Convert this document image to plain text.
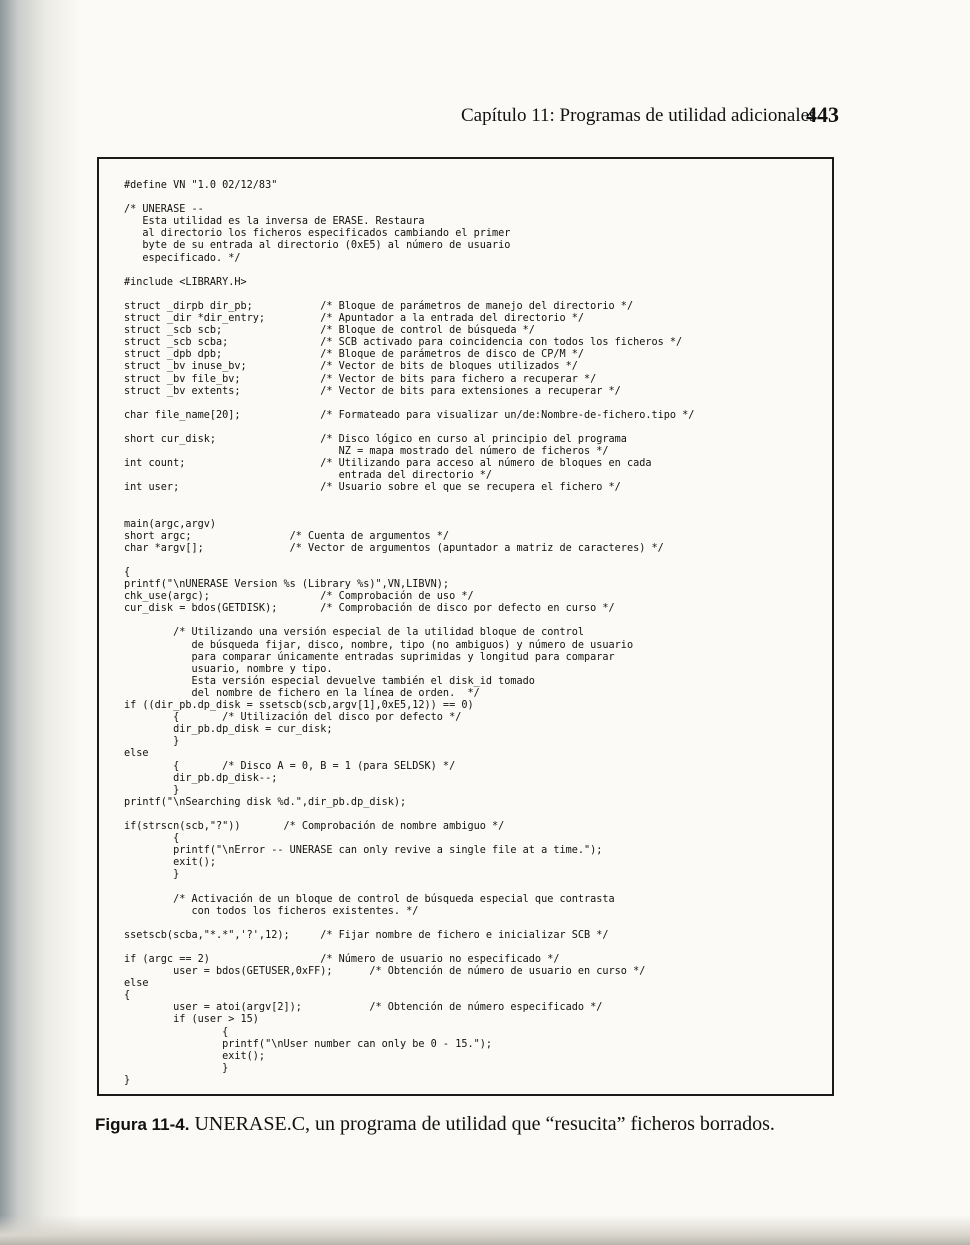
Capítulo 11: Programas de utilidad adicionales
443
#define VN "1.0 02/12/83"

/* UNERASE --
Esta utilidad es la inversa de ERASE. Restaura
al directorio los ficheros especificados cambiando el primer
byte de su entrada al directorio (0xE5) al número de usuario
especificado. */

#include <LIBRARY.H>

struct _dirpb dir_pb;           /* Bloque de parámetros de manejo del directorio */
struct _dir *dir_entry;         /* Apuntador a la entrada del directorio */
struct _scb scb;                /* Bloque de control de búsqueda */
struct _scb scba;               /* SCB activado para coincidencia con todos los ficheros */
struct _dpb dpb;                /* Bloque de parámetros de disco de CP/M */
struct _bv inuse_bv;            /* Vector de bits de bloques utilizados */
struct _bv file_bv;             /* Vector de bits para fichero a recuperar */
struct _bv extents;             /* Vector de bits para extensiones a recuperar */

char file_name[20];             /* Formateado para visualizar un/de:Nombre-de-fichero.tipo */

short cur_disk;                 /* Disco lógico en curso al principio del programa
NZ = mapa mostrado del número de ficheros */
int count;                      /* Utilizando para acceso al número de bloques en cada
entrada del directorio */
int user;                       /* Usuario sobre el que se recupera el fichero */

main(argc,argv)
short argc;                /* Cuenta de argumentos */
char *argv[];              /* Vector de argumentos (apuntador a matriz de caracteres) */

{
printf("\nUNERASE Version %s (Library %s)",VN,LIBVN);
chk_use(argc);                  /* Comprobación de uso */
cur_disk = bdos(GETDISK);       /* Comprobación de disco por defecto en curso */

/* Utilizando una versión especial de la utilidad bloque de control
de búsqueda fijar, disco, nombre, tipo (no ambiguos) y número de usuario
para comparar únicamente entradas suprimidas y longitud para comparar
usuario, nombre y tipo.
Esta versión especial devuelve también el disk_id tomado
del nombre de fichero en la línea de orden.  */
if ((dir_pb.dp_disk = ssetscb(scb,argv[1],0xE5,12)) == 0)
{       /* Utilización del disco por defecto */
dir_pb.dp_disk = cur_disk;
}
else
{       /* Disco A = 0, B = 1 (para SELDSK) */
dir_pb.dp_disk--;
}
printf("\nSearching disk %d.",dir_pb.dp_disk);

if(strscn(scb,"?"))       /* Comprobación de nombre ambiguo */
{
printf("\nError -- UNERASE can only revive a single file at a time.");
exit();
}

/* Activación de un bloque de control de búsqueda especial que contrasta
con todos los ficheros existentes. */

ssetscb(scba,"*.*",'?',12);     /* Fijar nombre de fichero e inicializar SCB */

if (argc == 2)                  /* Número de usuario no especificado */
user = bdos(GETUSER,0xFF);      /* Obtención de número de usuario en curso */
else
{
user = atoi(argv[2]);           /* Obtención de número especificado */
if (user > 15)
{
printf("\nUser number can only be 0 - 15.");
exit();
}
}
Figura 11-4. UNERASE.C, un programa de utilidad que “resucita” ficheros borrados.
